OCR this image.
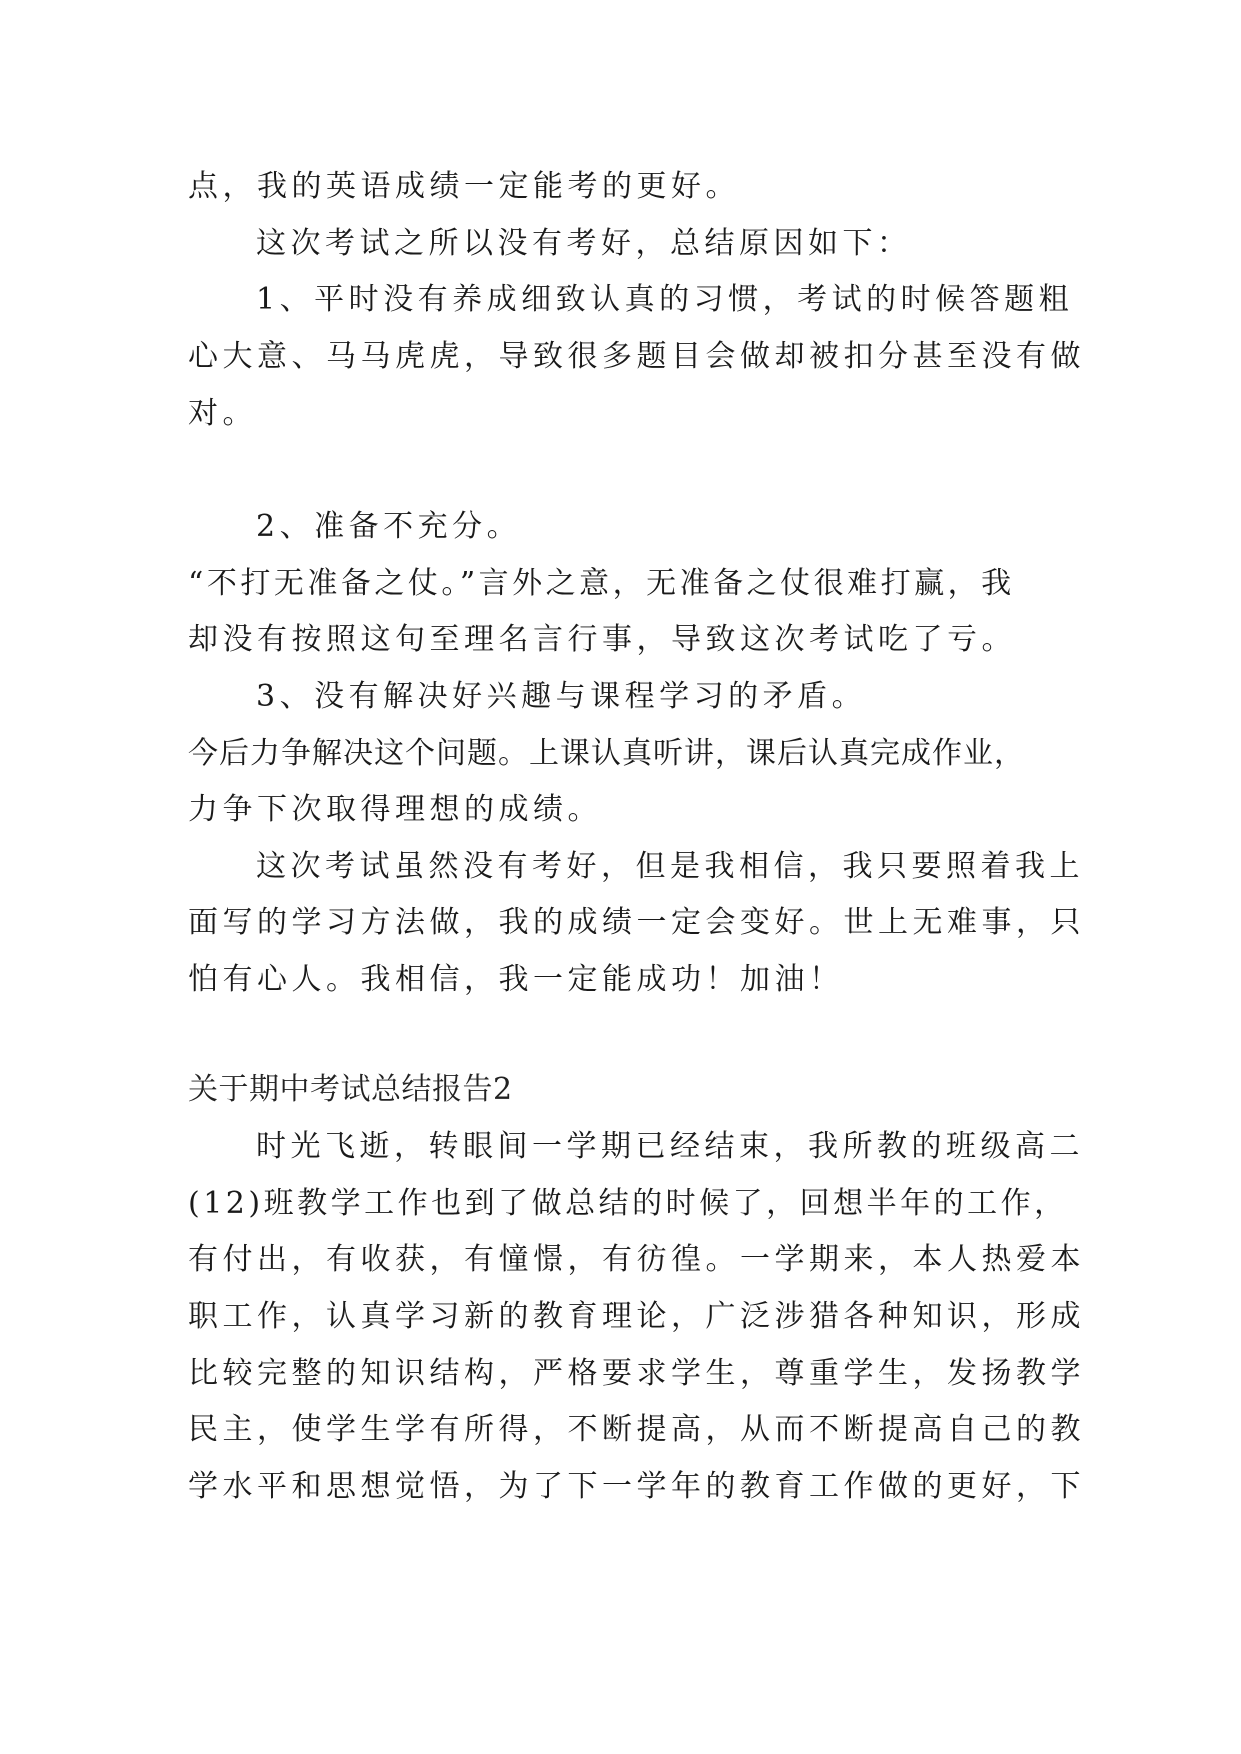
点，我的英语成绩一定能考的更好。
这次考试之所以没有考好，总结原因如下：
1、平时没有养成细致认真的习惯，考试的时候答题粗
心大意、马马虎虎，导致很多题目会做却被扣分甚至没有做
对。
2、准备不充分。
“不打无准备之仗。”言外之意，无准备之仗很难打赢，我
却没有按照这句至理名言行事，导致这次考试吃了亏。
3、没有解决好兴趣与课程学习的矛盾。
今后力争解决这个问题。上课认真听讲，课后认真完成作业，
力争下次取得理想的成绩。
这次考试虽然没有考好，但是我相信，我只要照着我上
面写的学习方法做，我的成绩一定会变好。世上无难事，只
怕有心人。我相信，我一定能成功！加油！
关于期中考试总结报告2
时光飞逝，转眼间一学期已经结束，我所教的班级高二
(12)班教学工作也到了做总结的时候了，回想半年的工作，
有付出，有收获，有憧憬，有彷徨。一学期来，本人热爱本
职工作，认真学习新的教育理论，广泛涉猎各种知识，形成
比较完整的知识结构，严格要求学生，尊重学生，发扬教学
民主，使学生学有所得，不断提高，从而不断提高自己的教
学水平和思想觉悟，为了下一学年的教育工作做的更好，下
